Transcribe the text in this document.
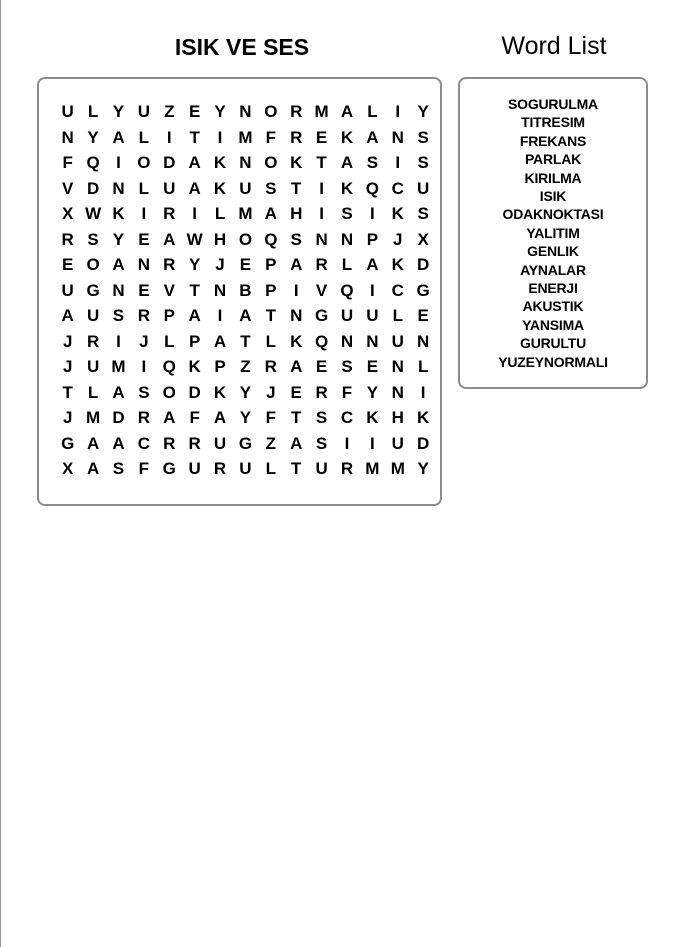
ISIK VE SES
U L Y U Z E Y N O R M A L	I	Y
N Y A L	I	T	I M F R E K A N S
F Q I O D A K N O K T A S	I	S
V D N L U A K U S T	I K Q C U
X W K I R I	L M A H I	S	I K S
R S Y E A W H O Q S N N P J X
E O A N R Y J E P A R L A K D
U G N E V T N B P	I	V Q I C G
A U S R P A I A T N G U U L E
J R I	J L P A T L K Q N N U N
J U M I Q K P Z R A E S E N L
T L A S O D K Y J E R F Y N I
J M D R A F A Y F T S C K H K
G A A C R R U G Z A S	I	I U D
X A S F G U R U L T U R M M Y
Word List
SOGURULMA
TITRESIM
FREKANS
PARLAK
KIRILMA
ISIK
ODAKNOKTASI
YALITIM
GENLIK
AYNALAR
ENERJI
AKUSTIK
YANSIMA
GURULTU
YUZEYNORMALI
